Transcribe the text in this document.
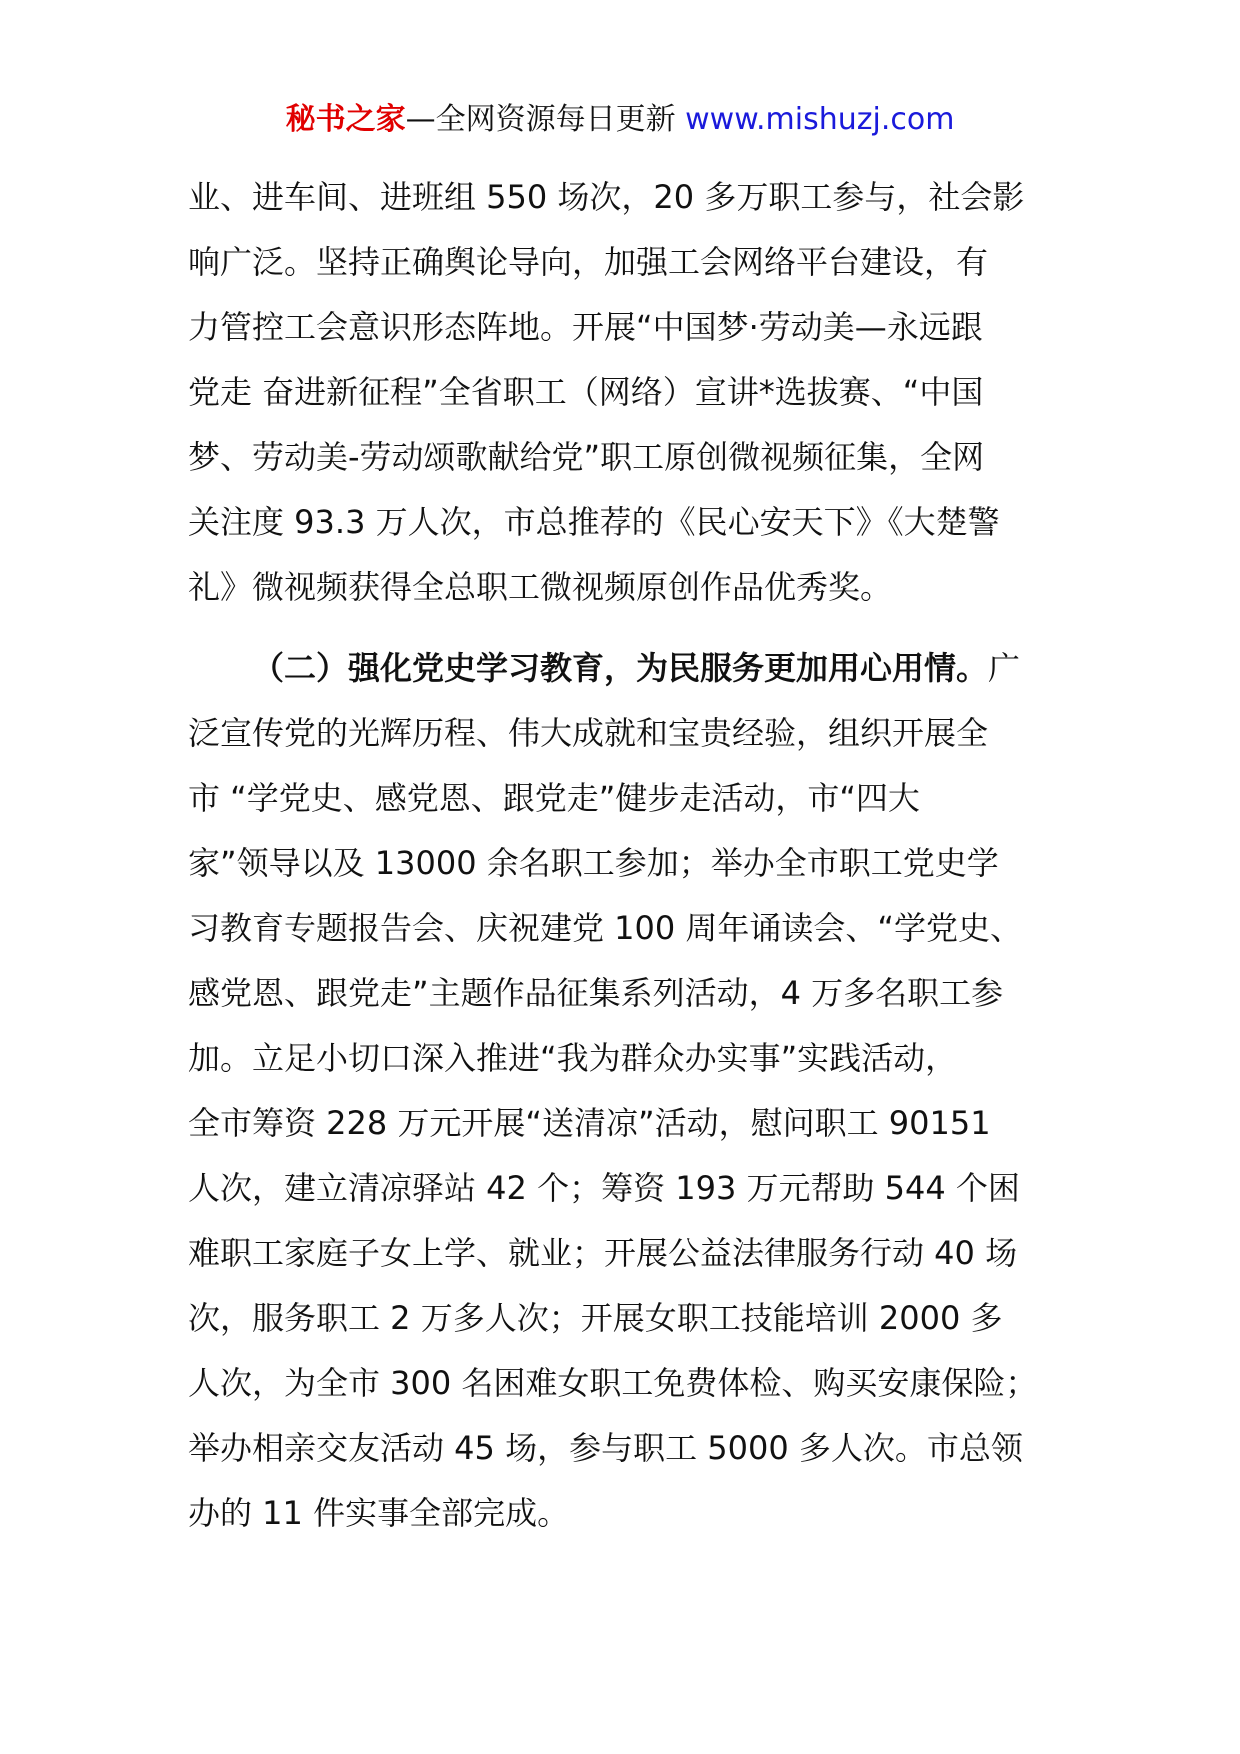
秘书之家—全网资源每日更新 www.mishuzj.com
业、进车间、进班组 550 场次，20 多万职工参与，社会影
响广泛。坚持正确舆论导向，加强工会网络平台建设，有
力管控工会意识形态阵地。开展“中国梦·劳动美—永远跟
党走 奋进新征程”全省职工（网络）宣讲*选拔赛、“中国
梦、劳动美-劳动颂歌献给党”职工原创微视频征集，全网
关注度 93.3 万人次，市总推荐的《民心安天下》《大楚警
礼》微视频获得全总职工微视频原创作品优秀奖。
（二）强化党史学习教育，为民服务更加用心用情。广
泛宣传党的光辉历程、伟大成就和宝贵经验，组织开展全
市 “学党史、感党恩、跟党走”健步走活动，市“四大
家”领导以及 13000 余名职工参加；举办全市职工党史学
习教育专题报告会、庆祝建党 100 周年诵读会、“学党史、
感党恩、跟党走”主题作品征集系列活动，4 万多名职工参
加。立足小切口深入推进“我为群众办实事”实践活动，
全市筹资 228 万元开展“送清凉”活动，慰问职工 90151
人次，建立清凉驿站 42 个；筹资 193 万元帮助 544 个困
难职工家庭子女上学、就业；开展公益法律服务行动 40 场
次，服务职工 2 万多人次；开展女职工技能培训 2000 多
人次，为全市 300 名困难女职工免费体检、购买安康保险；
举办相亲交友活动 45 场，参与职工 5000 多人次。市总领
办的 11 件实事全部完成。
